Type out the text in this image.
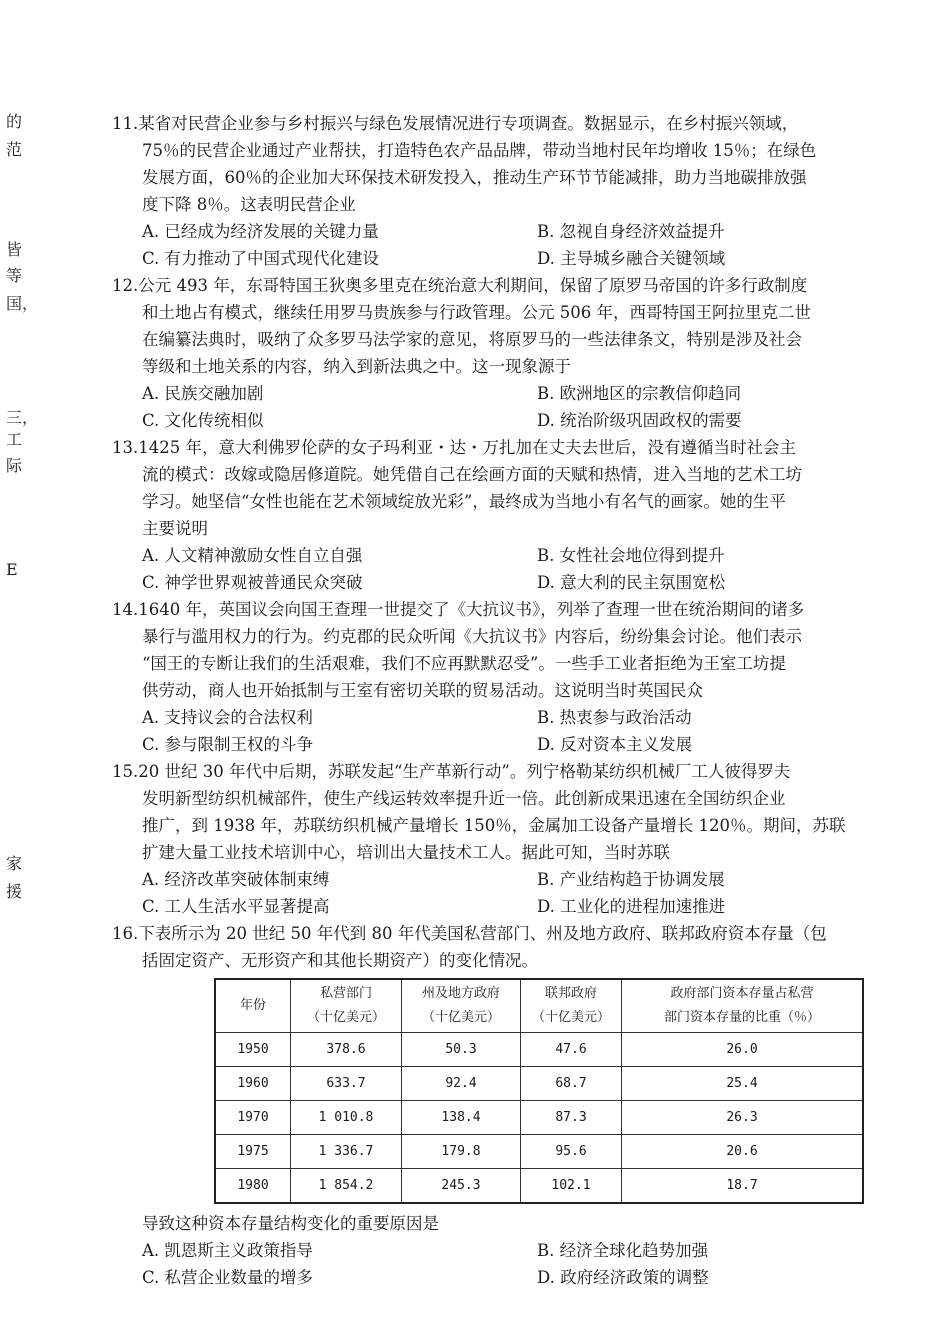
的
范
皆
等
国，
三，
工
际
E
家
援

11.某省对民营企业参与乡村振兴与绿色发展情况进行专项调查。数据显示，在乡村振兴领域，
75％的民营企业通过产业帮扶，打造特色农产品品牌，带动当地村民年均增收 15％；在绿色
发展方面，60％的企业加大环保技术研发投入，推动生产环节节能减排，助力当地碳排放强
度下降 8％。这表明民营企业

A. 已经成为经济发展的关键力量	B. 忽视自身经济效益提升
C. 有力推动了中国式现代化建设	D. 主导城乡融合关键领域

12.公元 493 年，东哥特国王狄奥多里克在统治意大利期间，保留了原罗马帝国的许多行政制度
和土地占有模式，继续任用罗马贵族参与行政管理。公元 506 年，西哥特国王阿拉里克二世
在编纂法典时，吸纳了众多罗马法学家的意见，将原罗马的一些法律条文，特别是涉及社会
等级和土地关系的内容，纳入到新法典之中。这一现象源于

A. 民族交融加剧	B. 欧洲地区的宗教信仰趋同
C. 文化传统相似	D. 统治阶级巩固政权的需要

13.1425 年，意大利佛罗伦萨的女子玛利亚・达・万扎加在丈夫去世后，没有遵循当时社会主
流的模式：改嫁或隐居修道院。她凭借自己在绘画方面的天赋和热情，进入当地的艺术工坊
学习。她坚信“女性也能在艺术领域绽放光彩”，最终成为当地小有名气的画家。她的生平
主要说明

A. 人文精神激励女性自立自强	B. 女性社会地位得到提升
C. 神学世界观被普通民众突破	D. 意大利的民主氛围宽松

14.1640 年，英国议会向国王查理一世提交了《大抗议书》，列举了查理一世在统治期间的诸多
暴行与滥用权力的行为。约克郡的民众听闻《大抗议书》内容后，纷纷集会讨论。他们表示
“国王的专断让我们的生活艰难，我们不应再默默忍受”。一些手工业者拒绝为王室工坊提
供劳动，商人也开始抵制与王室有密切关联的贸易活动。这说明当时英国民众

A. 支持议会的合法权利	B. 热衷参与政治活动
C. 参与限制王权的斗争	D. 反对资本主义发展

15.20 世纪 30 年代中后期，苏联发起“生产革新行动”。列宁格勒某纺织机械厂工人彼得罗夫
发明新型纺织机械部件，使生产线运转效率提升近一倍。此创新成果迅速在全国纺织企业
推广，到 1938 年，苏联纺织机械产量增长 150％，金属加工设备产量增长 120％。期间，苏联
扩建大量工业技术培训中心，培训出大量技术工人。据此可知，当时苏联

A. 经济改革突破体制束缚	B. 产业结构趋于协调发展
C. 工人生活水平显著提高	D. 工业化的进程加速推进

16.下表所示为 20 世纪 50 年代到 80 年代美国私营部门、州及地方政府、联邦政府资本存量（包
括固定资产、无形资产和其他长期资产）的变化情况。

年份	私营部门
（十亿美元）	州及地方政府
（十亿美元）	联邦政府
（十亿美元）	政府部门资本存量占私营
部门资本存量的比重（％）
1950	378.6	50.3	47.6	26.0
1960	633.7	92.4	68.7	25.4
1970	1 010.8	138.4	87.3	26.3
1975	1 336.7	179.8	95.6	20.6
1980	1 854.2	245.3	102.1	18.7

导致这种资本存量结构变化的重要原因是

A. 凯恩斯主义政策指导	B. 经济全球化趋势加强
C. 私营企业数量的增多	D. 政府经济政策的调整
